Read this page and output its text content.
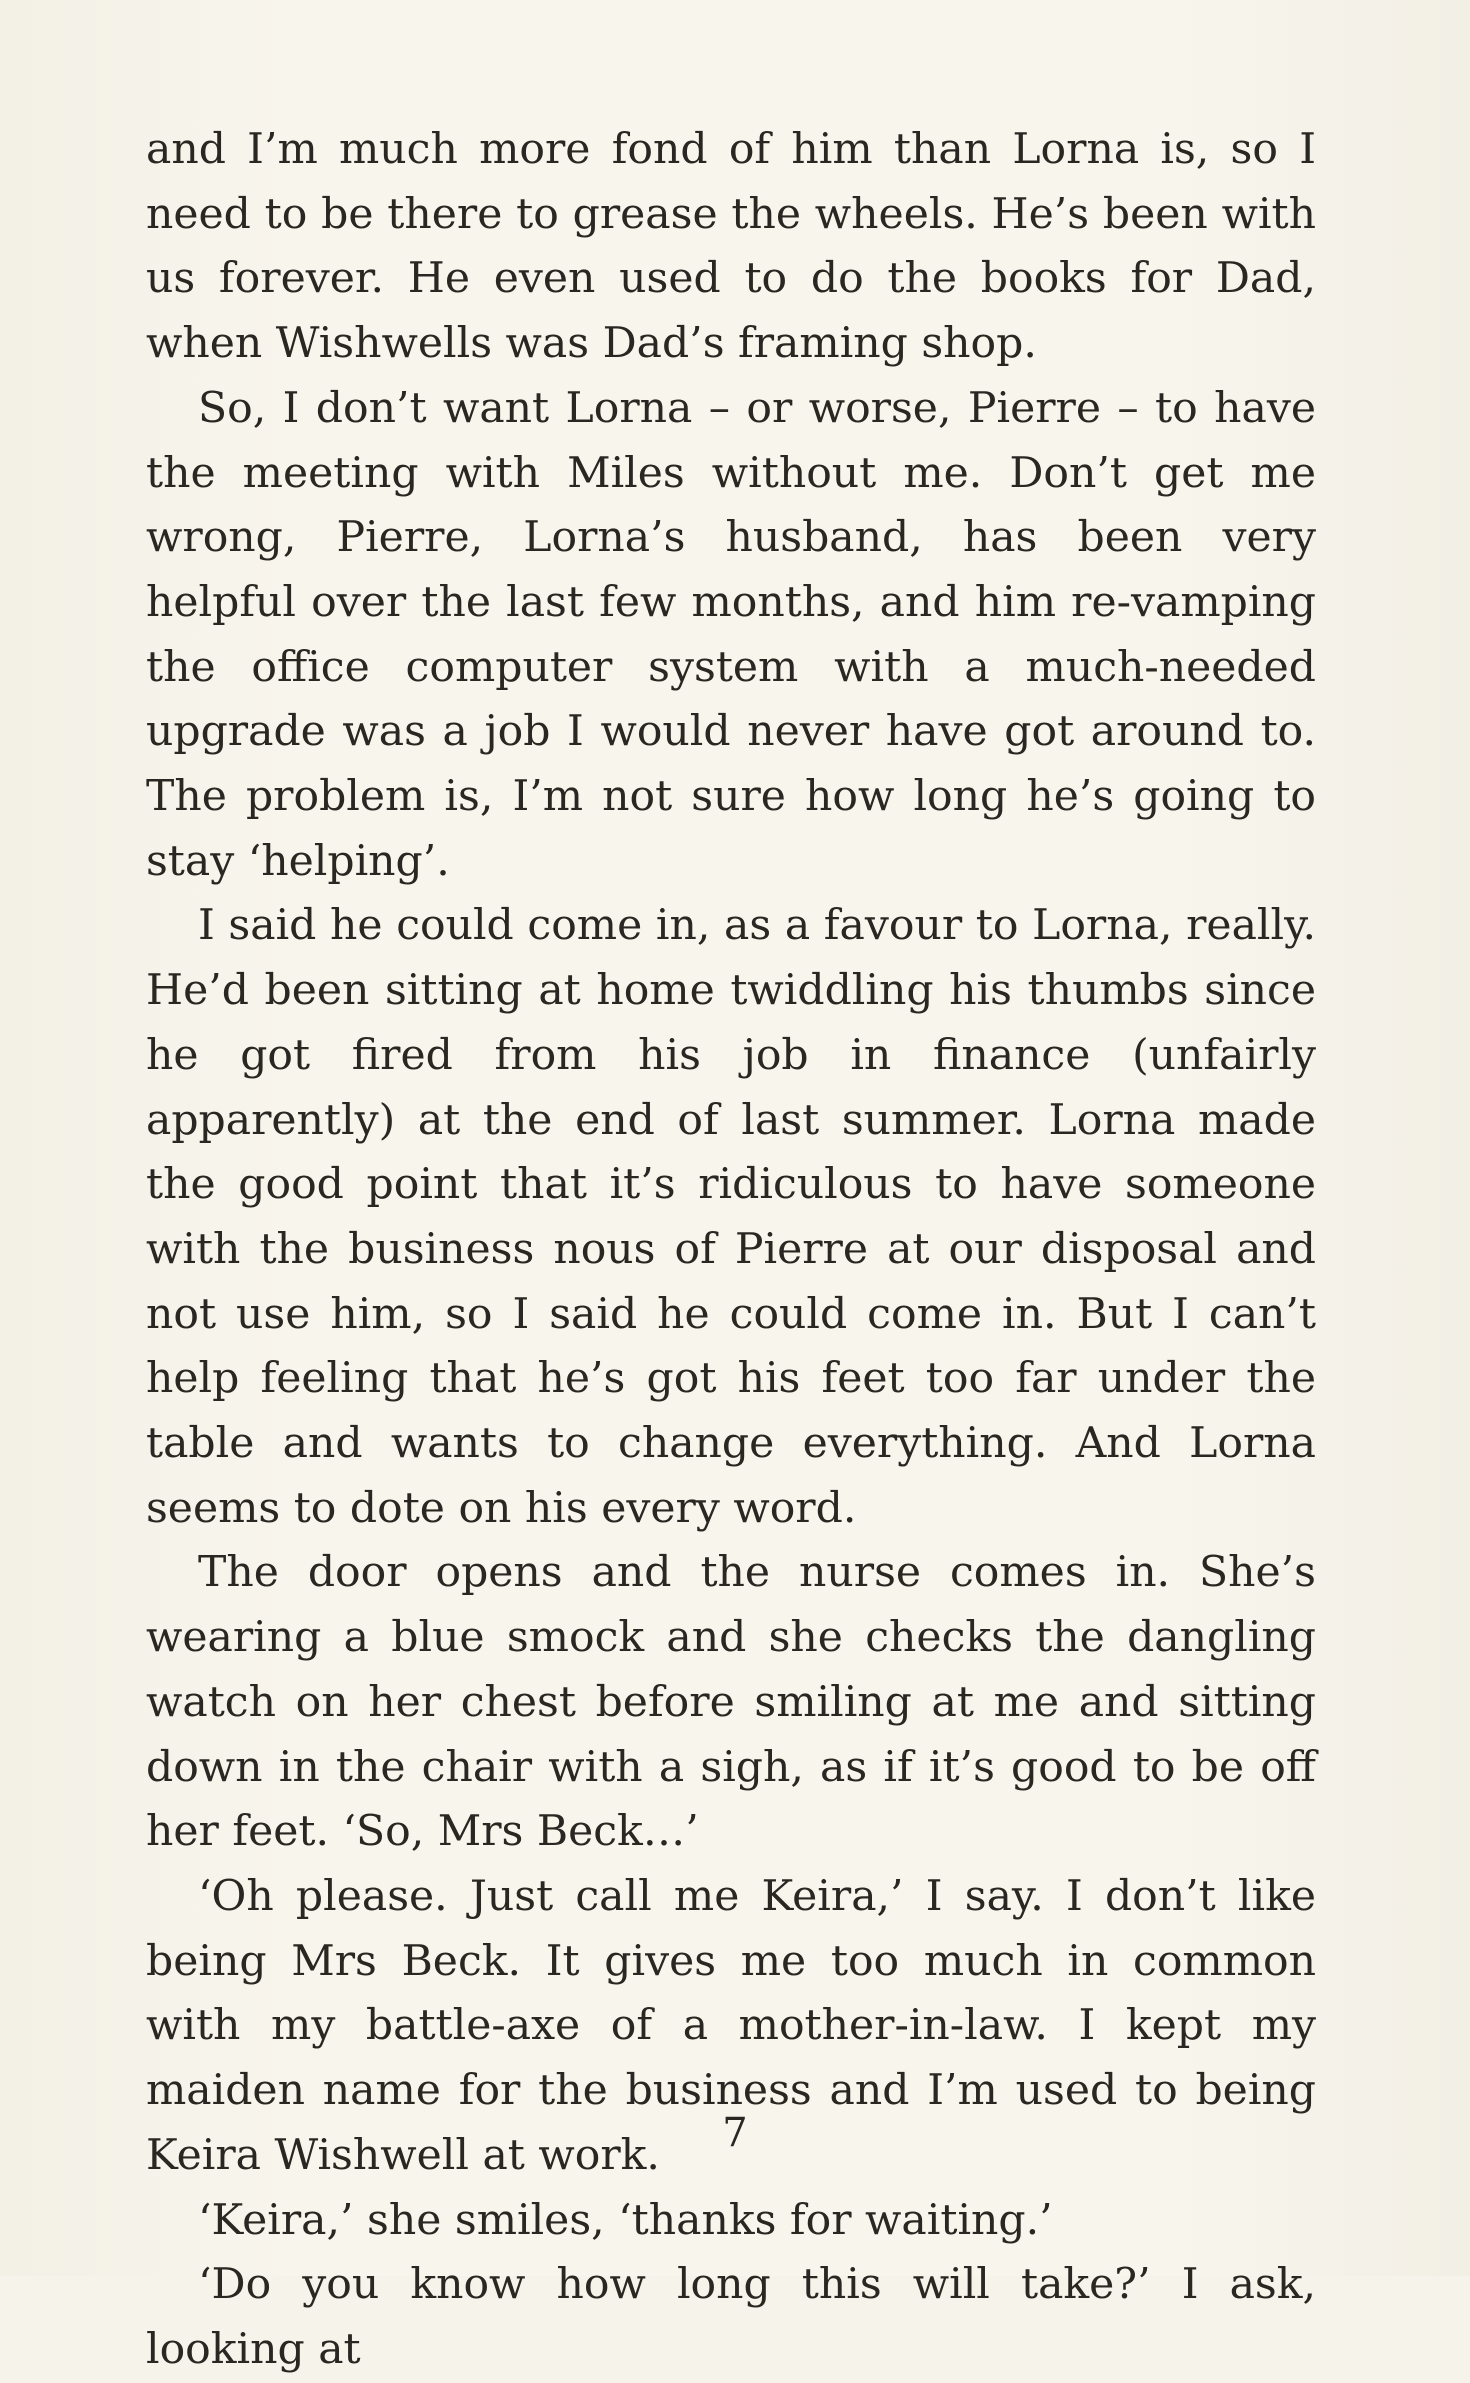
and I’m much more fond of him than Lorna is, so I need to be there to grease the wheels. He’s been with us forever. He even used to do the books for Dad, when Wishwells was Dad’s framing shop.

So, I don’t want Lorna – or worse, Pierre – to have the meeting with Miles without me. Don’t get me wrong, Pierre, Lorna’s husband, has been very helpful over the last few months, and him re-vamping the office computer system with a much-needed upgrade was a job I would never have got around to. The problem is, I’m not sure how long he’s going to stay ‘helping’.

I said he could come in, as a favour to Lorna, really. He’d been sitting at home twiddling his thumbs since he got fired from his job in finance (unfairly apparently) at the end of last summer. Lorna made the good point that it’s ridiculous to have someone with the business nous of Pierre at our disposal and not use him, so I said he could come in. But I can’t help feeling that he’s got his feet too far under the table and wants to change everything. And Lorna seems to dote on his every word.

The door opens and the nurse comes in. She’s wearing a blue smock and she checks the dangling watch on her chest before smiling at me and sitting down in the chair with a sigh, as if it’s good to be off her feet. ‘So, Mrs Beck…’

‘Oh please. Just call me Keira,’ I say. I don’t like being Mrs Beck. It gives me too much in common with my battle-axe of a mother-in-law. I kept my maiden name for the business and I’m used to being Keira Wishwell at work.

‘Keira,’ she smiles, ‘thanks for waiting.’

‘Do you know how long this will take?’ I ask, looking at

7
